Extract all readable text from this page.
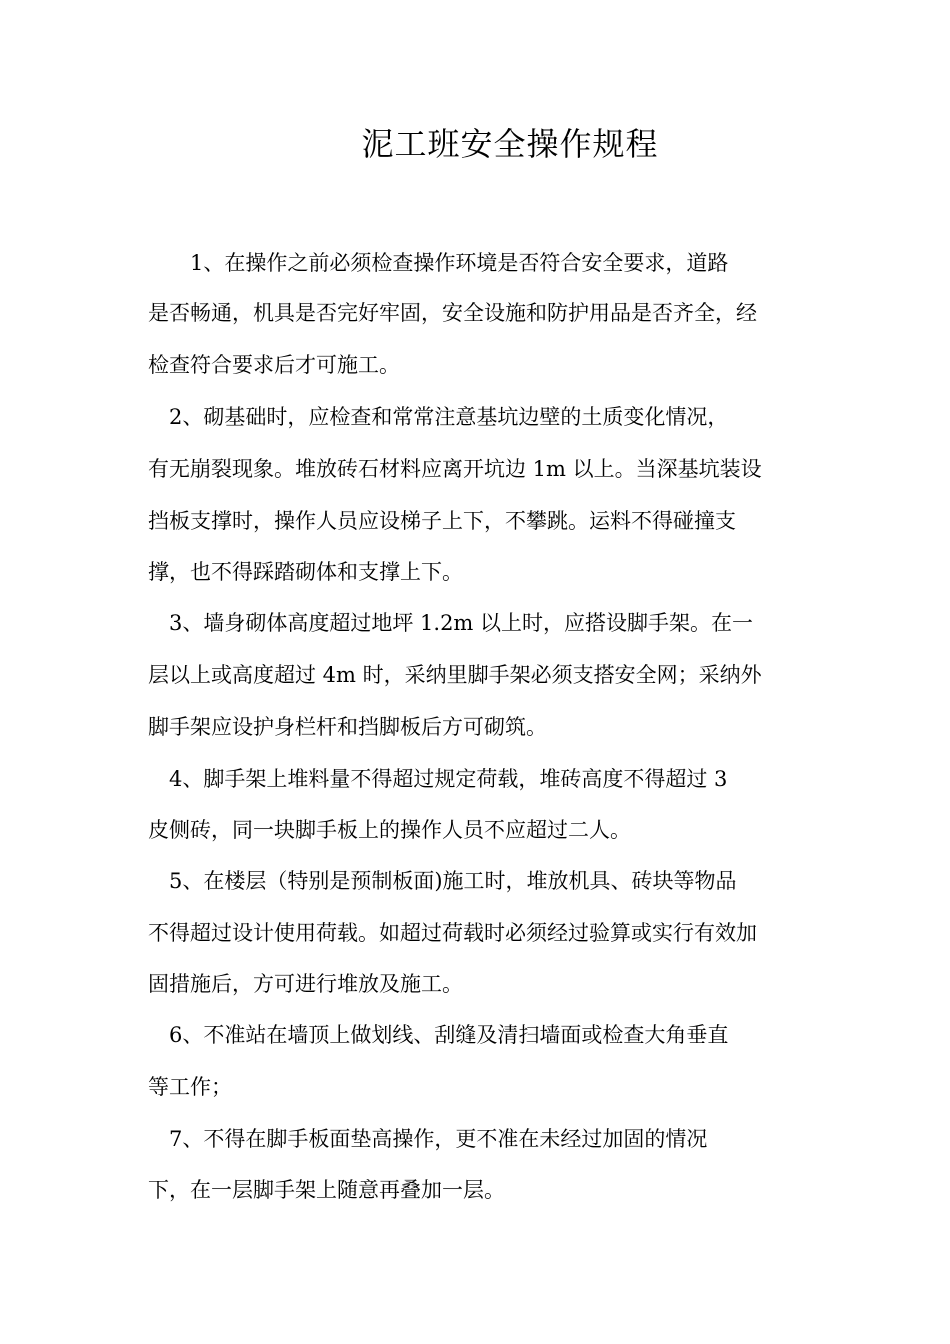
泥工班安全操作规程
　　1、在操作之前必须检查操作环境是否符合安全要求，道路
是否畅通，机具是否完好牢固，安全设施和防护用品是否齐全，经
检查符合要求后才可施工。
　2、砌基础时，应检查和常常注意基坑边壁的土质变化情况，
有无崩裂现象。堆放砖石材料应离开坑边 1m 以上。当深基坑装设
挡板支撑时，操作人员应设梯子上下，不攀跳。运料不得碰撞支
撑，也不得踩踏砌体和支撑上下。
　3、墙身砌体高度超过地坪 1.2m 以上时，应搭设脚手架。在一
层以上或高度超过 4m 时，采纳里脚手架必须支搭安全网；采纳外
脚手架应设护身栏杆和挡脚板后方可砌筑。
　4、脚手架上堆料量不得超过规定荷载，堆砖高度不得超过 3
皮侧砖，同一块脚手板上的操作人员不应超过二人。
　5、在楼层（特别是预制板面)施工时，堆放机具、砖块等物品
不得超过设计使用荷载。如超过荷载时必须经过验算或实行有效加
固措施后，方可进行堆放及施工。
　6、不准站在墙顶上做划线、刮缝及清扫墙面或检查大角垂直
等工作；
　7、不得在脚手板面垫高操作，更不准在未经过加固的情况
下，在一层脚手架上随意再叠加一层。
